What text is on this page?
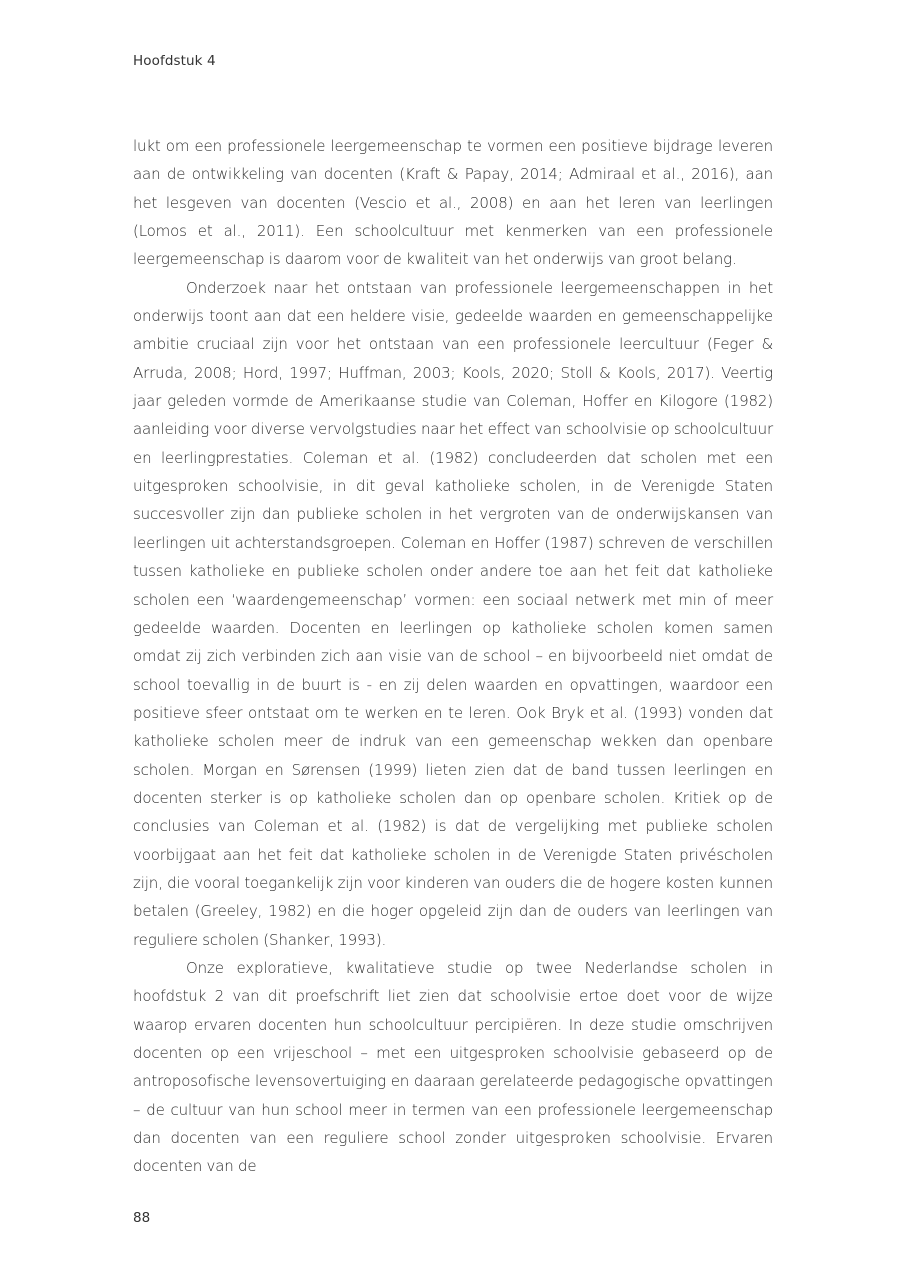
Hoofdstuk 4

lukt om een professionele leergemeenschap te vormen een positieve bijdrage leveren aan de ontwikkeling van docenten (Kraft & Papay, 2014; Admiraal et al., 2016), aan het lesgeven van docenten (Vescio et al., 2008) en aan het leren van leerlingen (Lomos et al., 2011). Een schoolcultuur met kenmerken van een professionele leergemeenschap is daarom voor de kwaliteit van het onderwijs van groot belang.

Onderzoek naar het ontstaan van professionele leergemeenschappen in het onderwijs toont aan dat een heldere visie, gedeelde waarden en gemeenschappelijke ambitie cruciaal zijn voor het ontstaan van een professionele leercultuur (Feger & Arruda, 2008; Hord, 1997; Huffman, 2003; Kools, 2020; Stoll & Kools, 2017). Veertig jaar geleden vormde de Amerikaanse studie van Coleman, Hoffer en Kilogore (1982) aanleiding voor diverse vervolgstudies naar het effect van schoolvisie op schoolcultuur en leerlingprestaties. Coleman et al. (1982) concludeerden dat scholen met een uitgesproken schoolvisie, in dit geval katholieke scholen, in de Verenigde Staten succesvoller zijn dan publieke scholen in het vergroten van de onderwijskansen van leerlingen uit achterstandsgroepen. Coleman en Hoffer (1987) schreven de verschillen tussen katholieke en publieke scholen onder andere toe aan het feit dat katholieke scholen een ‘waardengemeenschap’ vormen: een sociaal netwerk met min of meer gedeelde waarden. Docenten en leerlingen op katholieke scholen komen samen omdat zij zich verbinden zich aan visie van de school – en bijvoorbeeld niet omdat de school toevallig in de buurt is - en zij delen waarden en opvattingen, waardoor een positieve sfeer ontstaat om te werken en te leren. Ook Bryk et al. (1993) vonden dat katholieke scholen meer de indruk van een gemeenschap wekken dan openbare scholen. Morgan en Sørensen (1999) lieten zien dat de band tussen leerlingen en docenten sterker is op katholieke scholen dan op openbare scholen. Kritiek op de conclusies van Coleman et al. (1982) is dat de vergelijking met publieke scholen voorbijgaat aan het feit dat katholieke scholen in de Verenigde Staten privéscholen zijn, die vooral toegankelijk zijn voor kinderen van ouders die de hogere kosten kunnen betalen (Greeley, 1982) en die hoger opgeleid zijn dan de ouders van leerlingen van reguliere scholen (Shanker, 1993).

Onze exploratieve, kwalitatieve studie op twee Nederlandse scholen in hoofdstuk 2 van dit proefschrift liet zien dat schoolvisie ertoe doet voor de wijze waarop ervaren docenten hun schoolcultuur percipiëren. In deze studie omschrijven docenten op een vrijeschool – met een uitgesproken schoolvisie gebaseerd op de antroposofische levensovertuiging en daaraan gerelateerde pedagogische opvattingen – de cultuur van hun school meer in termen van een professionele leergemeenschap dan docenten van een reguliere school zonder uitgesproken schoolvisie. Ervaren docenten van de

88
